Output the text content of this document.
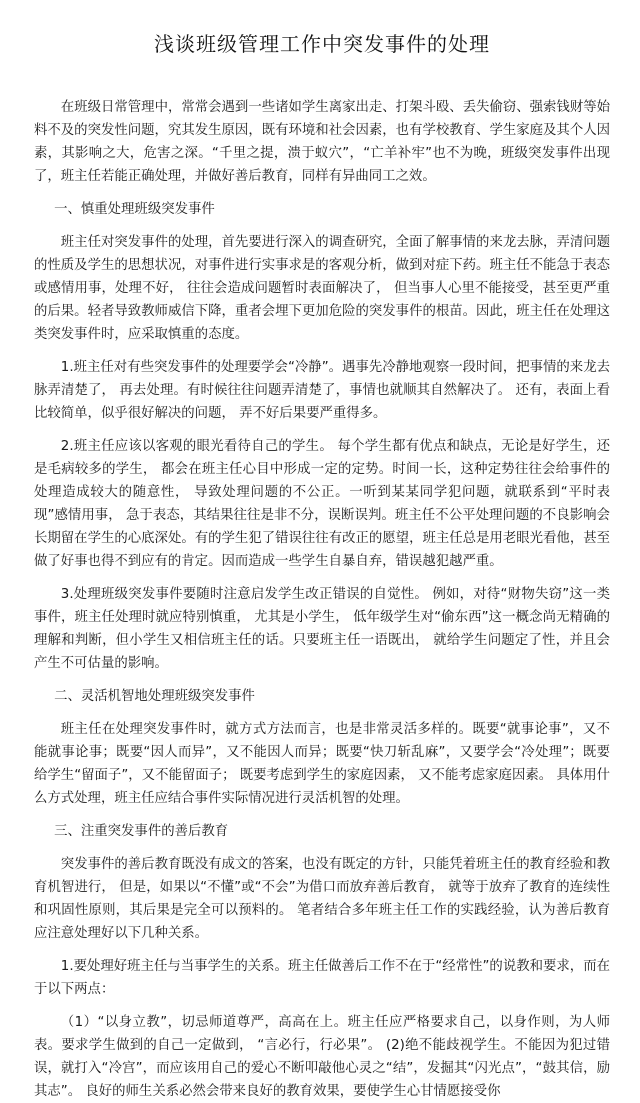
浅谈班级管理工作中突发事件的处理

在班级日常管理中，常常会遇到一些诸如学生离家出走、打架斗殴、丢失偷窃、强索钱财等始料不及的突发性问题，究其发生原因，既有环境和社会因素，也有学校教育、学生家庭及其个人因素，其影响之大，危害之深。“千里之提，溃于蚁穴”，“亡羊补牢”也不为晚，班级突发事件出现了，班主任若能正确处理，并做好善后教育，同样有异曲同工之效。

一、慎重处理班级突发事件

班主任对突发事件的处理，首先要进行深入的调查研究，全面了解事情的来龙去脉，弄清问题的性质及学生的思想状况，对事件进行实事求是的客观分析，做到对症下药。班主任不能急于表态或感情用事，处理不好， 往往会造成问题暂时表面解决了， 但当事人心里不能接受，甚至更严重的后果。轻者导致教师威信下降，重者会埋下更加危险的突发事件的根苗。因此，班主任在处理这类突发事件时，应采取慎重的态度。

1.班主任对有些突发事件的处理要学会“冷静”。遇事先冷静地观察一段时间，把事情的来龙去脉弄清楚了， 再去处理。有时候往往问题弄清楚了，事情也就顺其自然解决了。 还有，表面上看比较简单，似乎很好解决的问题， 弄不好后果要严重得多。

2.班主任应该以客观的眼光看待自己的学生。 每个学生都有优点和缺点，无论是好学生，还是毛病较多的学生， 都会在班主任心目中形成一定的定势。时间一长，这种定势往往会给事件的处理造成较大的随意性， 导致处理问题的不公正。一听到某某同学犯问题，就联系到“平时表现”感情用事， 急于表态，其结果往往是非不分，误断误判。班主任不公平处理问题的不良影响会长期留在学生的心底深处。有的学生犯了错误往往有改正的愿望，班主任总是用老眼光看他，甚至做了好事也得不到应有的肯定。因而造成一些学生自暴自弃，错误越犯越严重。

3.处理班级突发事件要随时注意启发学生改正错误的自觉性。 例如，对待“财物失窃”这一类事件，班主任处理时就应特别慎重， 尤其是小学生， 低年级学生对“偷东西”这一概念尚无精确的理解和判断，但小学生又相信班主任的话。只要班主任一语既出， 就给学生问题定了性，并且会产生不可估量的影响。

二、灵活机智地处理班级突发事件

班主任在处理突发事件时，就方式方法而言，也是非常灵活多样的。既要“就事论事”，又不能就事论事；既要“因人而异”，又不能因人而异；既要“快刀斩乱麻”，又要学会“冷处理”；既要给学生“留面子”，又不能留面子； 既要考虑到学生的家庭因素， 又不能考虑家庭因素。 具体用什么方式处理，班主任应结合事件实际情况进行灵活机智的处理。

三、注重突发事件的善后教育

突发事件的善后教育既没有成文的答案，也没有既定的方针，只能凭着班主任的教育经验和教育机智进行， 但是，如果以“不懂”或“不会”为借口而放弃善后教育， 就等于放弃了教育的连续性和巩固性原则，其后果是完全可以预料的。 笔者结合多年班主任工作的实践经验，认为善后教育应注意处理好以下几种关系。

1.要处理好班主任与当事学生的关系。班主任做善后工作不在于“经常性”的说教和要求，而在于以下两点：

（1）“以身立教”，切忌师道尊严，高高在上。班主任应严格要求自己，以身作则，为人师表。要求学生做到的自己一定做到， “言必行，行必果”。 (2)绝不能歧视学生。不能因为犯过错误，就打入“冷宫”，而应该用自己的爱心不断叩敲他心灵之“结”，发掘其“闪光点”，“鼓其信，励其志”。 良好的师生关系必然会带来良好的教育效果，要使学生心甘情愿接受你
